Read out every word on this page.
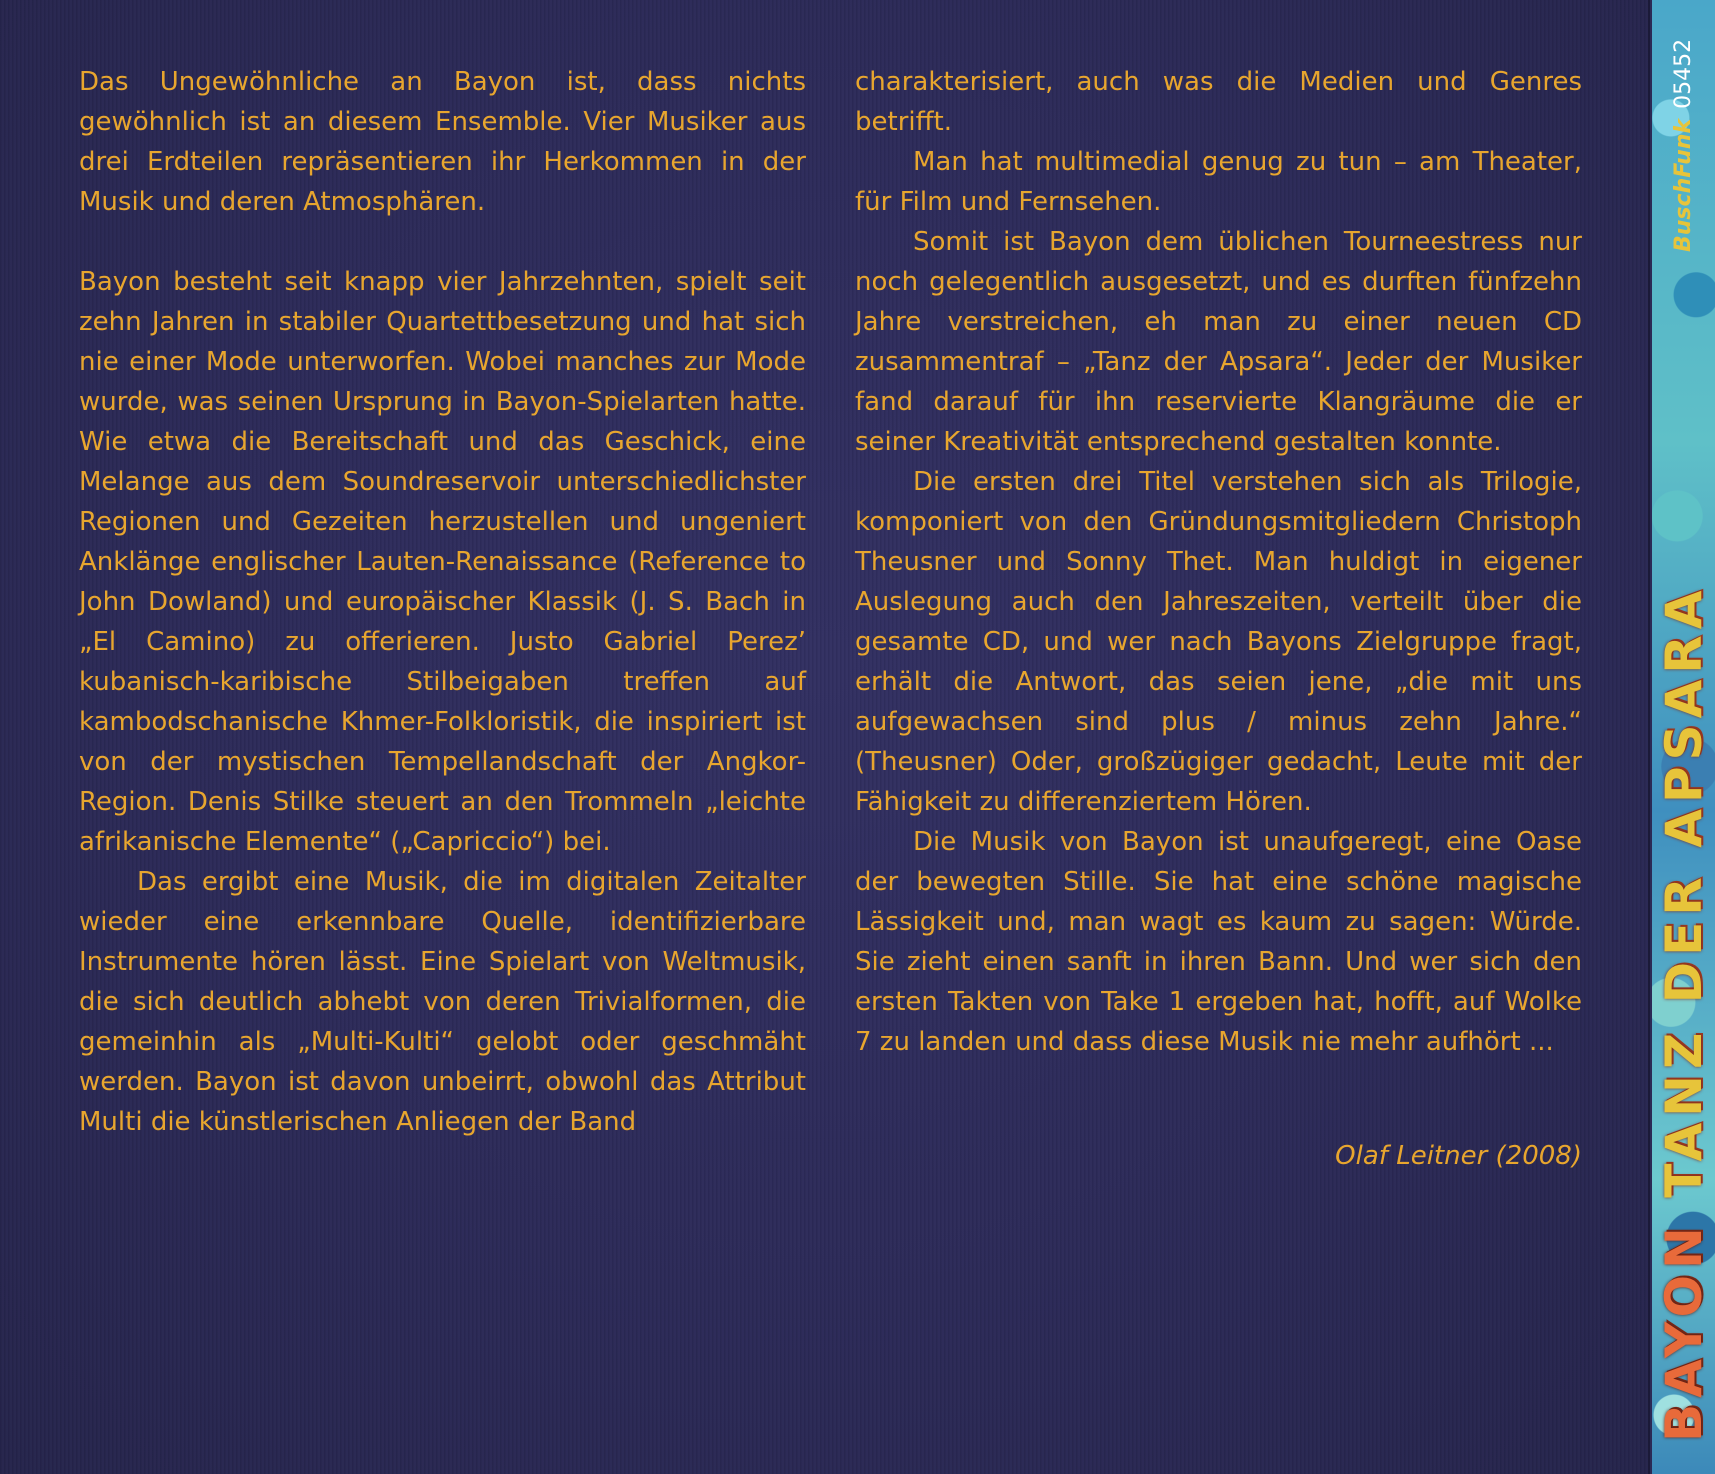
Das Ungewöhnliche an Bayon ist, dass nichts gewöhnlich ist an diesem Ensemble. Vier Musiker aus drei Erdteilen repräsentieren ihr Herkommen in der Musik und deren Atmosphären.

Bayon besteht seit knapp vier Jahrzehnten, spielt seit zehn Jahren in stabiler Quartettbesetzung und hat sich nie einer Mode unterworfen. Wobei manches zur Mode wurde, was seinen Ursprung in Bayon-Spielarten hatte. Wie etwa die Bereitschaft und das Geschick, eine Melange aus dem Soundreservoir unterschiedlichster Regionen und Gezeiten herzustellen und ungeniert Anklänge englischer Lauten-Renaissance (Reference to John Dowland) und europäischer Klassik (J. S. Bach in „El Camino) zu offerieren. Justo Gabriel Perez’ kubanisch-karibische Stilbeigaben treffen auf kambodschanische Khmer-Folkloristik, die inspiriert ist von der mystischen Tempellandschaft der Angkor-Region. Denis Stilke steuert an den Trommeln „leichte afrikanische Elemente“ („Capriccio“) bei.

Das ergibt eine Musik, die im digitalen Zeitalter wieder eine erkennbare Quelle, identifizierbare Instrumente hören lässt. Eine Spielart von Weltmusik, die sich deutlich abhebt von deren Trivialformen, die gemeinhin als „Multi-Kulti“ gelobt oder geschmäht werden. Bayon ist davon unbeirrt, obwohl das Attribut Multi die künstlerischen Anliegen der Band

charakterisiert, auch was die Medien und Genres betrifft.

Man hat multimedial genug zu tun – am Theater, für Film und Fernsehen.

Somit ist Bayon dem üblichen Tourneestress nur noch gelegentlich ausgesetzt, und es durften fünfzehn Jahre verstreichen, eh man zu einer neuen CD zusammentraf – „Tanz der Apsara“. Jeder der Musiker fand darauf für ihn reservierte Klangräume die er seiner Kreativität entsprechend gestalten konnte.

Die ersten drei Titel verstehen sich als Trilogie, komponiert von den Gründungsmitgliedern Christoph Theusner und Sonny Thet. Man huldigt in eigener Auslegung auch den Jahreszeiten, verteilt über die gesamte CD, und wer nach Bayons Zielgruppe fragt, erhält die Antwort, das seien jene, „die mit uns aufgewachsen sind plus / minus zehn Jahre.“ (Theusner) Oder, großzügiger gedacht, Leute mit der Fähigkeit zu differenziertem Hören.

Die Musik von Bayon ist unaufgeregt, eine Oase der bewegten Stille. Sie hat eine schöne magische Lässigkeit und, man wagt es kaum zu sagen: Würde. Sie zieht einen sanft in ihren Bann. Und wer sich den ersten Takten von Take 1 ergeben hat, hofft, auf Wolke 7 zu landen und dass diese Musik nie mehr aufhört ...

Olaf Leitner (2008)
BuschFunk05452
BAYON TANZ DER APSARA
